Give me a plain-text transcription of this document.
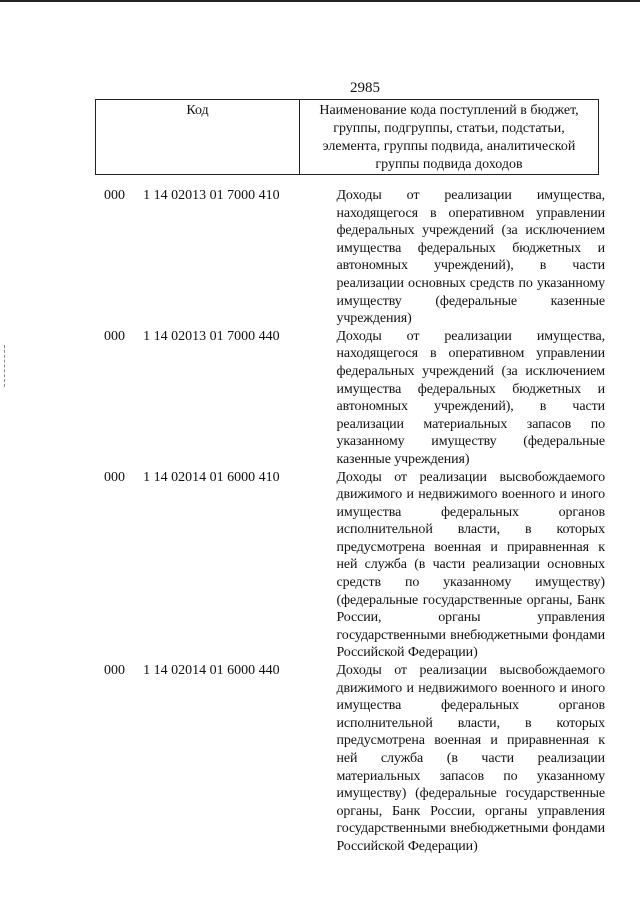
2985
Код	Наименование кода поступлений в бюджет, группы, подгруппы, статьи, подстатьи, элемента, группы подвида, аналитической группы подвида доходов
000	1 14 02013 01 7000 410	Доходы от реализации имущества, находящегося в оперативном управлении федеральных учреждений (за исключением имущества федеральных бюджетных и автономных учреждений), в части реализации основных средств по указанному имуществу (федеральные казенные учреждения)
000	1 14 02013 01 7000 440	Доходы от реализации имущества, находящегося в оперативном управлении федеральных учреждений (за исключением имущества федеральных бюджетных и автономных учреждений), в части реализации материальных запасов по указанному имуществу (федеральные казенные учреждения)
000	1 14 02014 01 6000 410	Доходы от реализации высвобождаемого движимого и недвижимого военного и иного имущества федеральных органов исполнительной власти, в которых предусмотрена военная и приравненная к ней служба (в части реализации основных средств по указанному имуществу) (федеральные государственные органы, Банк России, органы управления государственными внебюджетными фондами Российской Федерации)
000	1 14 02014 01 6000 440	Доходы от реализации высвобождаемого движимого и недвижимого военного и иного имущества федеральных органов исполнительной власти, в которых предусмотрена военная и приравненная к ней служба (в части реализации материальных запасов по указанному имуществу) (федеральные государственные органы, Банк России, органы управления государственными внебюджетными фондами Российской Федерации)
